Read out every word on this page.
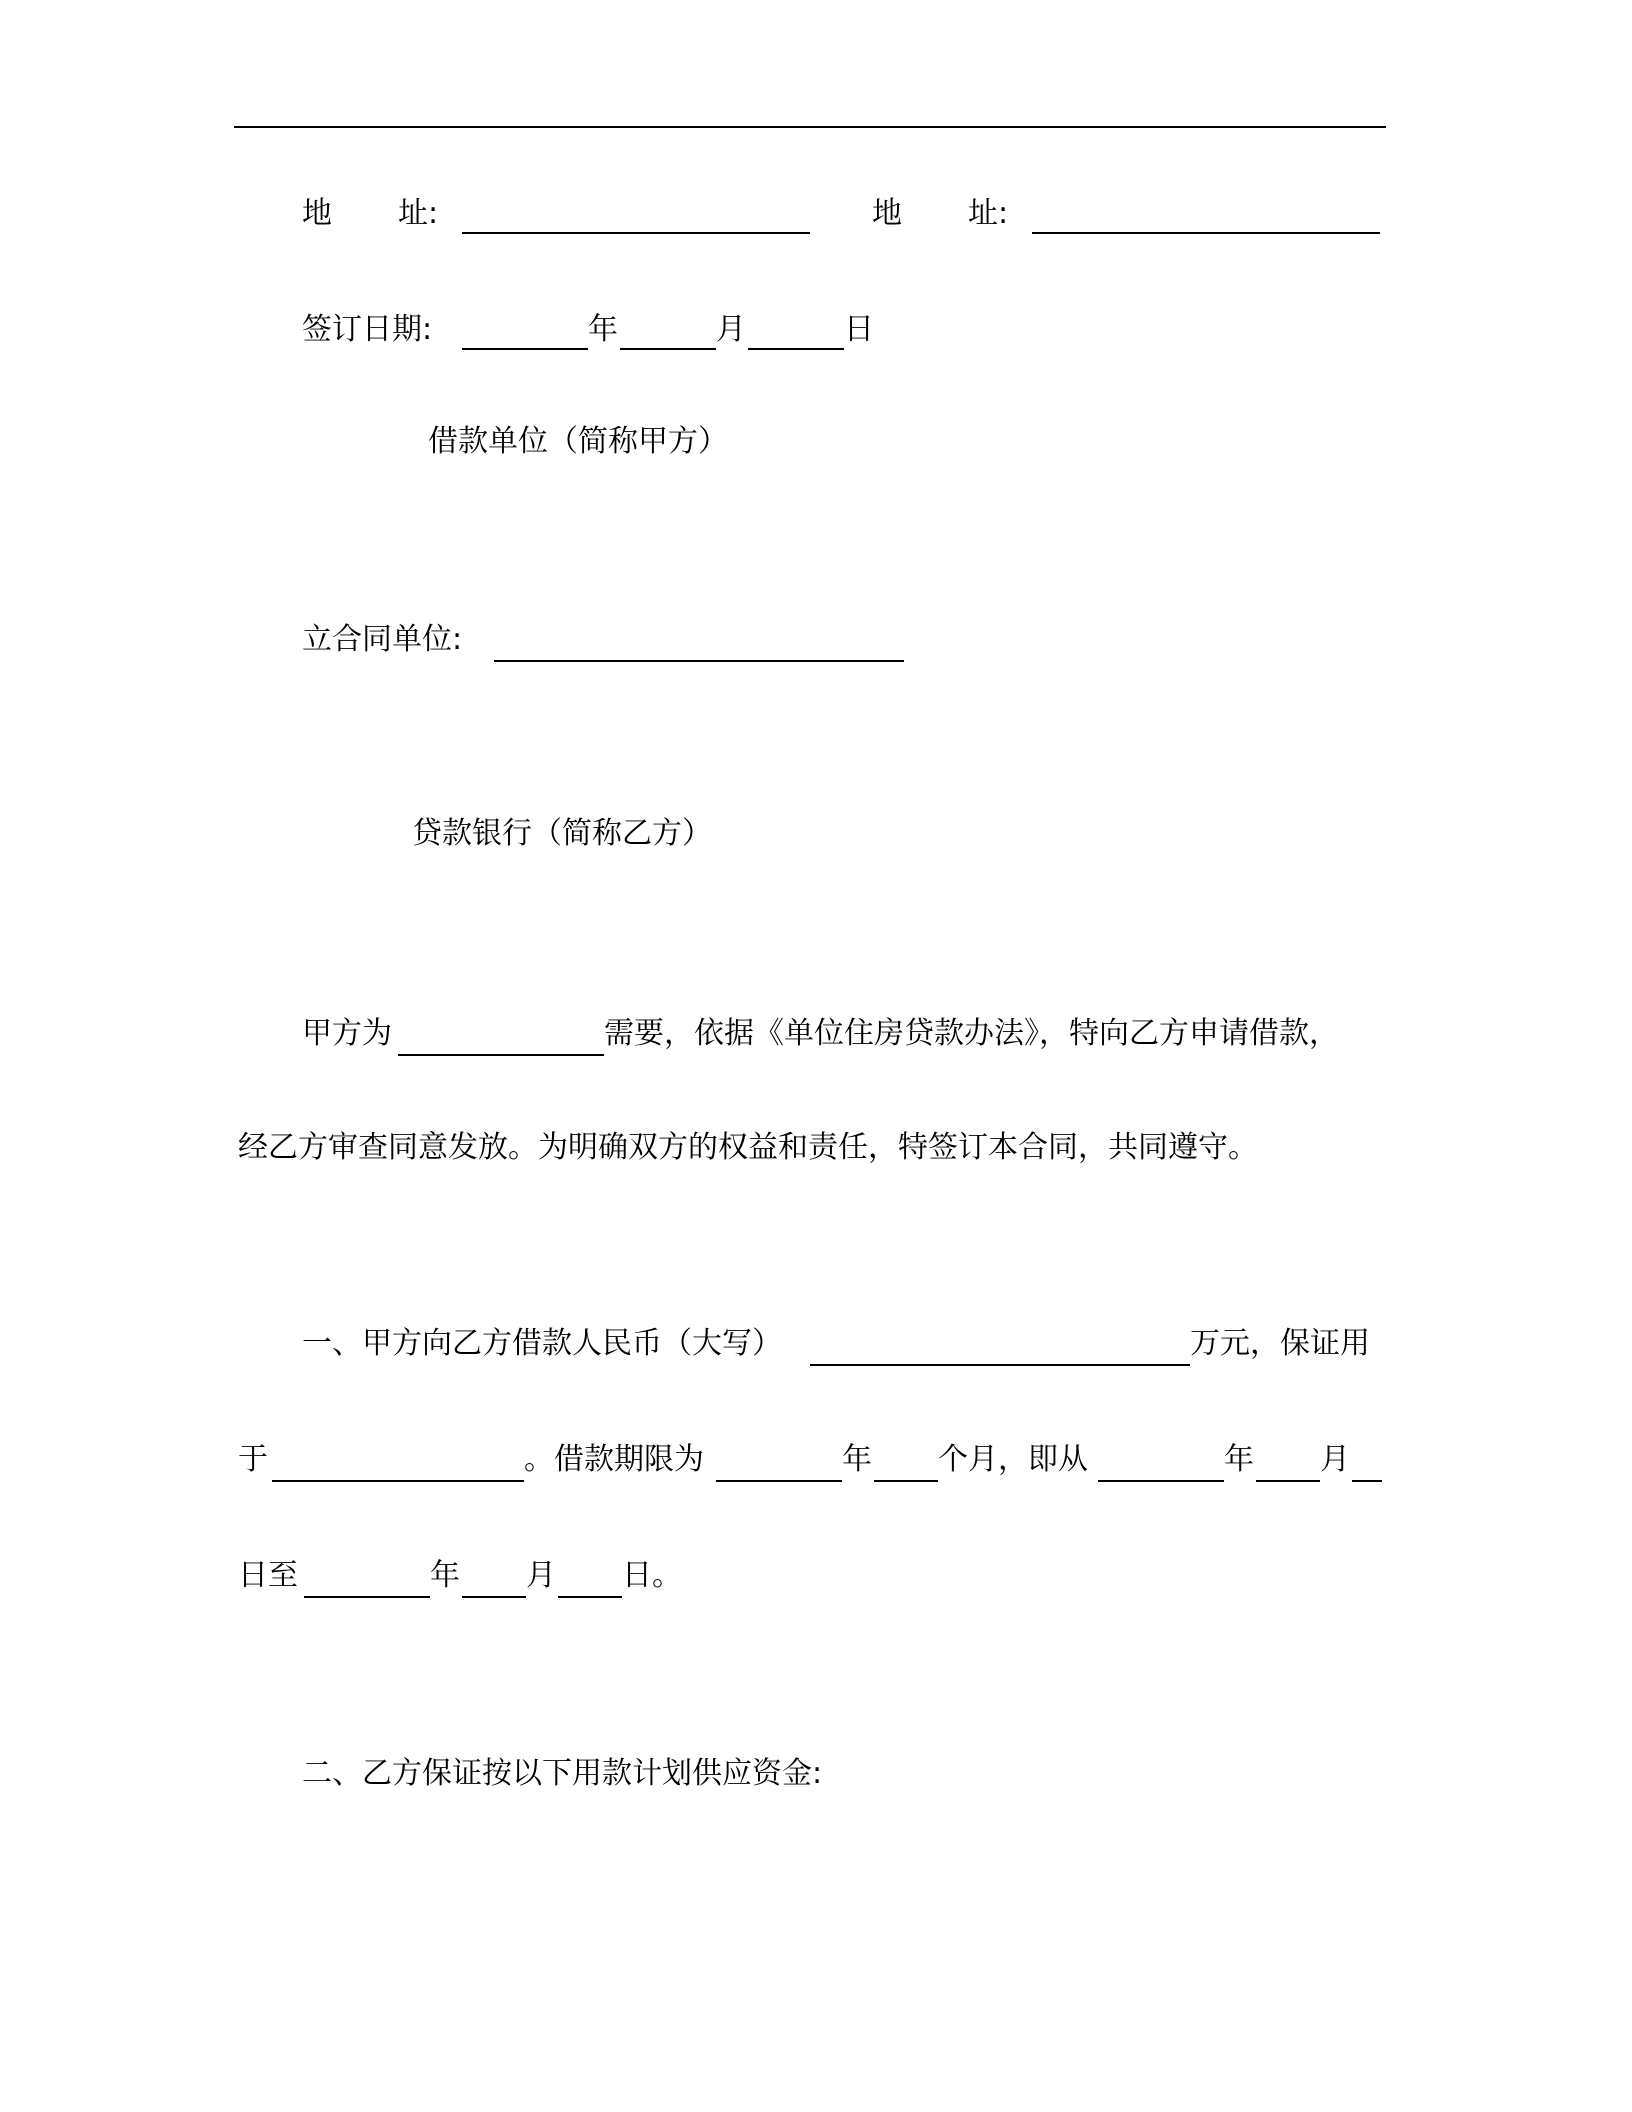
地 址:	地 址:
签订日期:	年	月	日
借款单位（简称甲方）
立合同单位:
贷款银行（简称乙方）
甲方为	需要，依据《单位住房贷款办法》，特向乙方申请借款，
经乙方审查同意发放。为明确双方的权益和责任，特签订本合同，共同遵守。
一、甲方向乙方借款人民币（大写）	万元，保证用
于	。借款期限为	年 个月，即从	年 月
日至	年 月 日。
二、乙方保证按以下用款计划供应资金:
